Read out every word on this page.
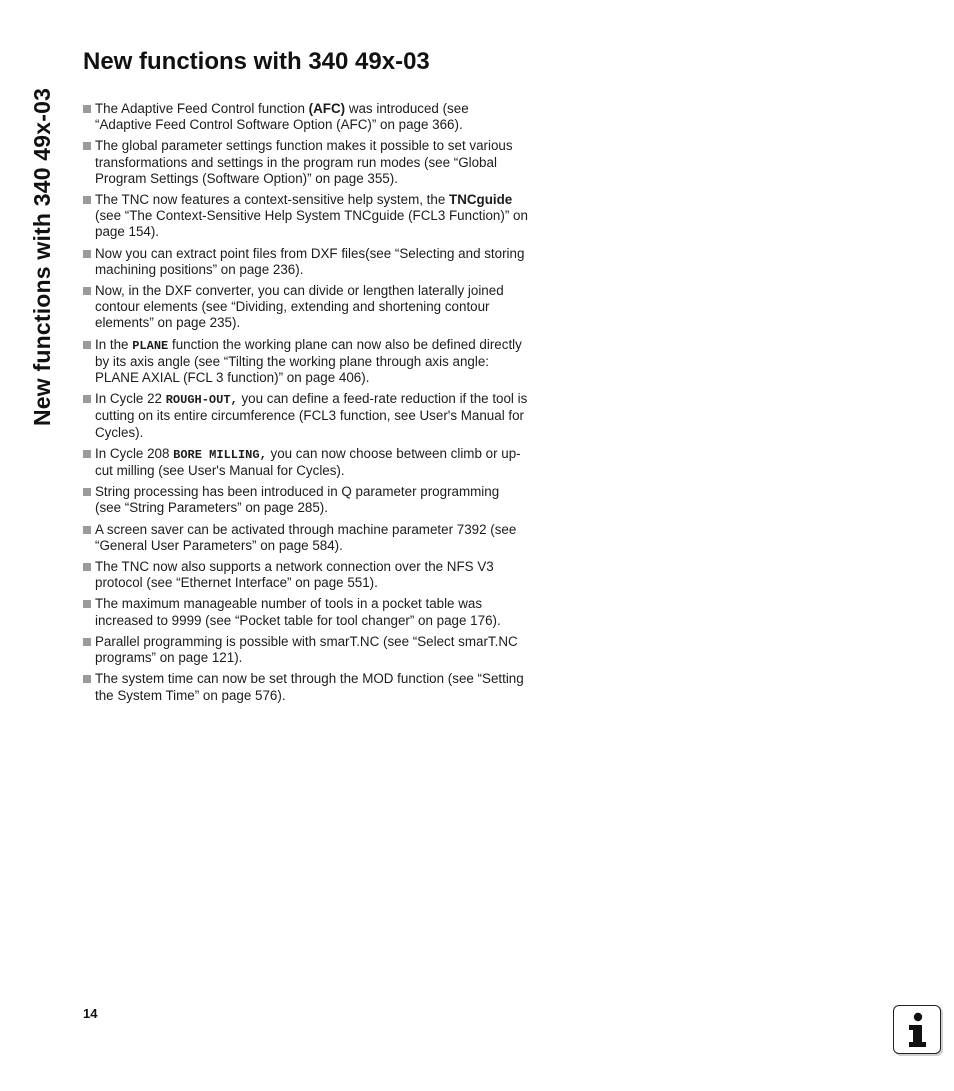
New functions with 340 49x-03
New functions with 340 49x-03
The Adaptive Feed Control function (AFC) was introduced (see “Adaptive Feed Control Software Option (AFC)” on page 366).
The global parameter settings function makes it possible to set various transformations and settings in the program run modes (see “Global Program Settings (Software Option)” on page 355).
The TNC now features a context-sensitive help system, the TNCguide (see “The Context-Sensitive Help System TNCguide (FCL3 Function)” on page 154).
Now you can extract point files from DXF files(see “Selecting and storing machining positions” on page 236).
Now, in the DXF converter, you can divide or lengthen laterally joined contour elements (see “Dividing, extending and shortening contour elements” on page 235).
In the PLANE function the working plane can now also be defined directly by its axis angle (see “Tilting the working plane through axis angle: PLANE AXIAL (FCL 3 function)” on page 406).
In Cycle 22 ROUGH-OUT, you can define a feed-rate reduction if the tool is cutting on its entire circumference (FCL3 function, see User's Manual for Cycles).
In Cycle 208 BORE MILLING, you can now choose between climb or up-cut milling (see User's Manual for Cycles).
String processing has been introduced in Q parameter programming (see “String Parameters” on page 285).
A screen saver can be activated through machine parameter 7392 (see “General User Parameters” on page 584).
The TNC now also supports a network connection over the NFS V3 protocol (see “Ethernet Interface” on page 551).
The maximum manageable number of tools in a pocket table was increased to 9999 (see “Pocket table for tool changer” on page 176).
Parallel programming is possible with smarT.NC (see “Select smarT.NC programs” on page 121).
The system time can now be set through the MOD function (see “Setting the System Time” on page 576).
14
